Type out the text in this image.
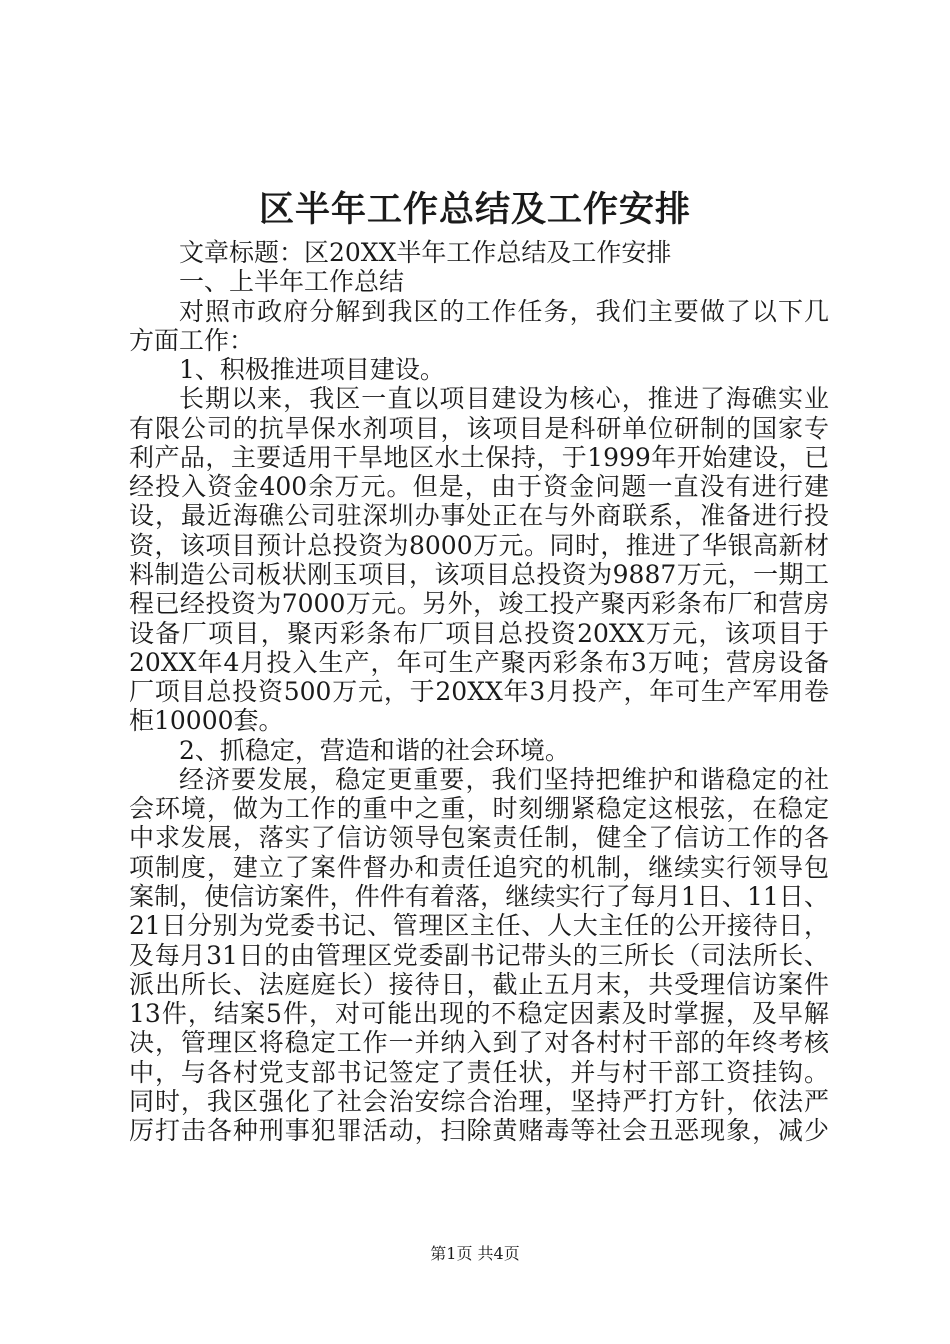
区半年工作总结及工作安排
文章标题：区20XX半年工作总结及工作安排
一、上半年工作总结
对照市政府分解到我区的工作任务，我们主要做了以下几
方面工作：
1、积极推进项目建设。
长期以来，我区一直以项目建设为核心，推进了海礁实业
有限公司的抗旱保水剂项目，该项目是科研单位研制的国家专
利产品，主要适用干旱地区水土保持，于1999年开始建设，已
经投入资金400余万元。但是，由于资金问题一直没有进行建
设，最近海礁公司驻深圳办事处正在与外商联系，准备进行投
资，该项目预计总投资为8000万元。同时，推进了华银高新材
料制造公司板状刚玉项目，该项目总投资为9887万元，一期工
程已经投资为7000万元。另外，竣工投产聚丙彩条布厂和营房
设备厂项目，聚丙彩条布厂项目总投资20XX万元，该项目于
20XX年4月投入生产，年可生产聚丙彩条布3万吨；营房设备
厂项目总投资500万元，于20XX年3月投产，年可生产军用卷
柜10000套。
2、抓稳定，营造和谐的社会环境。
经济要发展，稳定更重要，我们坚持把维护和谐稳定的社
会环境，做为工作的重中之重，时刻绷紧稳定这根弦，在稳定
中求发展，落实了信访领导包案责任制，健全了信访工作的各
项制度，建立了案件督办和责任追究的机制，继续实行领导包
案制，使信访案件，件件有着落，继续实行了每月1日、11日、
21日分别为党委书记、管理区主任、人大主任的公开接待日，
及每月31日的由管理区党委副书记带头的三所长（司法所长、
派出所长、法庭庭长）接待日，截止五月末，共受理信访案件
13件，结案5件，对可能出现的不稳定因素及时掌握，及早解
决，管理区将稳定工作一并纳入到了对各村村干部的年终考核
中，与各村党支部书记签定了责任状，并与村干部工资挂钩。
同时，我区强化了社会治安综合治理，坚持严打方针，依法严
厉打击各种刑事犯罪活动，扫除黄赌毒等社会丑恶现象，减少
第1页 共4页
